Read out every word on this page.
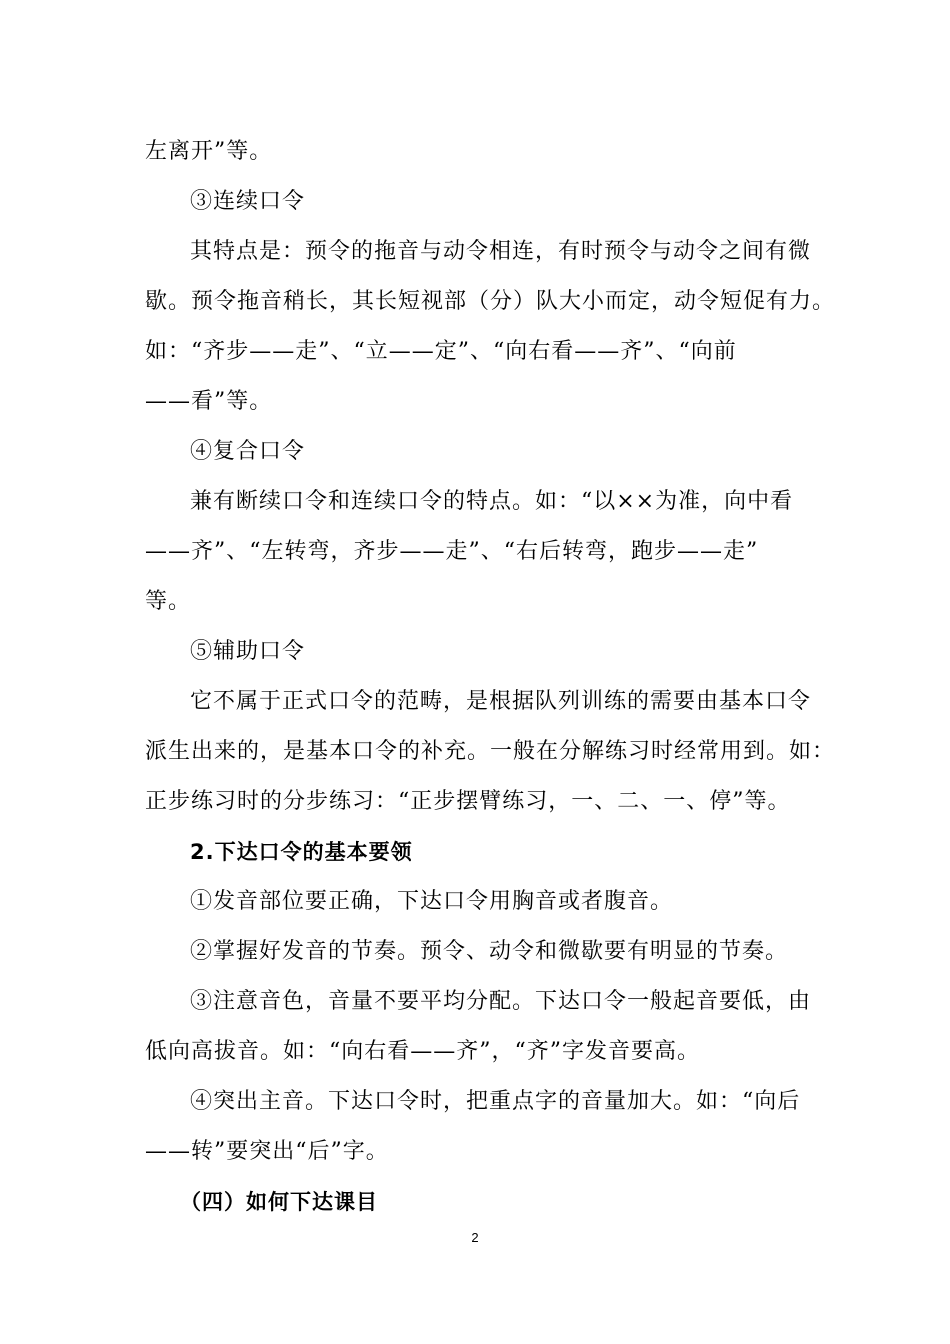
左离开”等。
③连续口令
其特点是：预令的拖音与动令相连，有时预令与动令之间有微
歇。预令拖音稍长，其长短视部（分）队大小而定，动令短促有力。
如：“齐步——走”、“立——定”、“向右看——齐”、“向前
——看”等。
④复合口令
兼有断续口令和连续口令的特点。如：“以××为准，向中看
——齐”、“左转弯，齐步——走”、“右后转弯，跑步——走”
等。
⑤辅助口令
它不属于正式口令的范畴，是根据队列训练的需要由基本口令
派生出来的，是基本口令的补充。一般在分解练习时经常用到。如：
正步练习时的分步练习：“正步摆臂练习，一、二、一、停”等。
2.下达口令的基本要领
①发音部位要正确，下达口令用胸音或者腹音。
②掌握好发音的节奏。预令、动令和微歇要有明显的节奏。
③注意音色，音量不要平均分配。下达口令一般起音要低，由
低向高拔音。如：“向右看——齐”，“齐”字发音要高。
④突出主音。下达口令时，把重点字的音量加大。如：“向后
——转”要突出“后”字。
（四）如何下达课目
2
